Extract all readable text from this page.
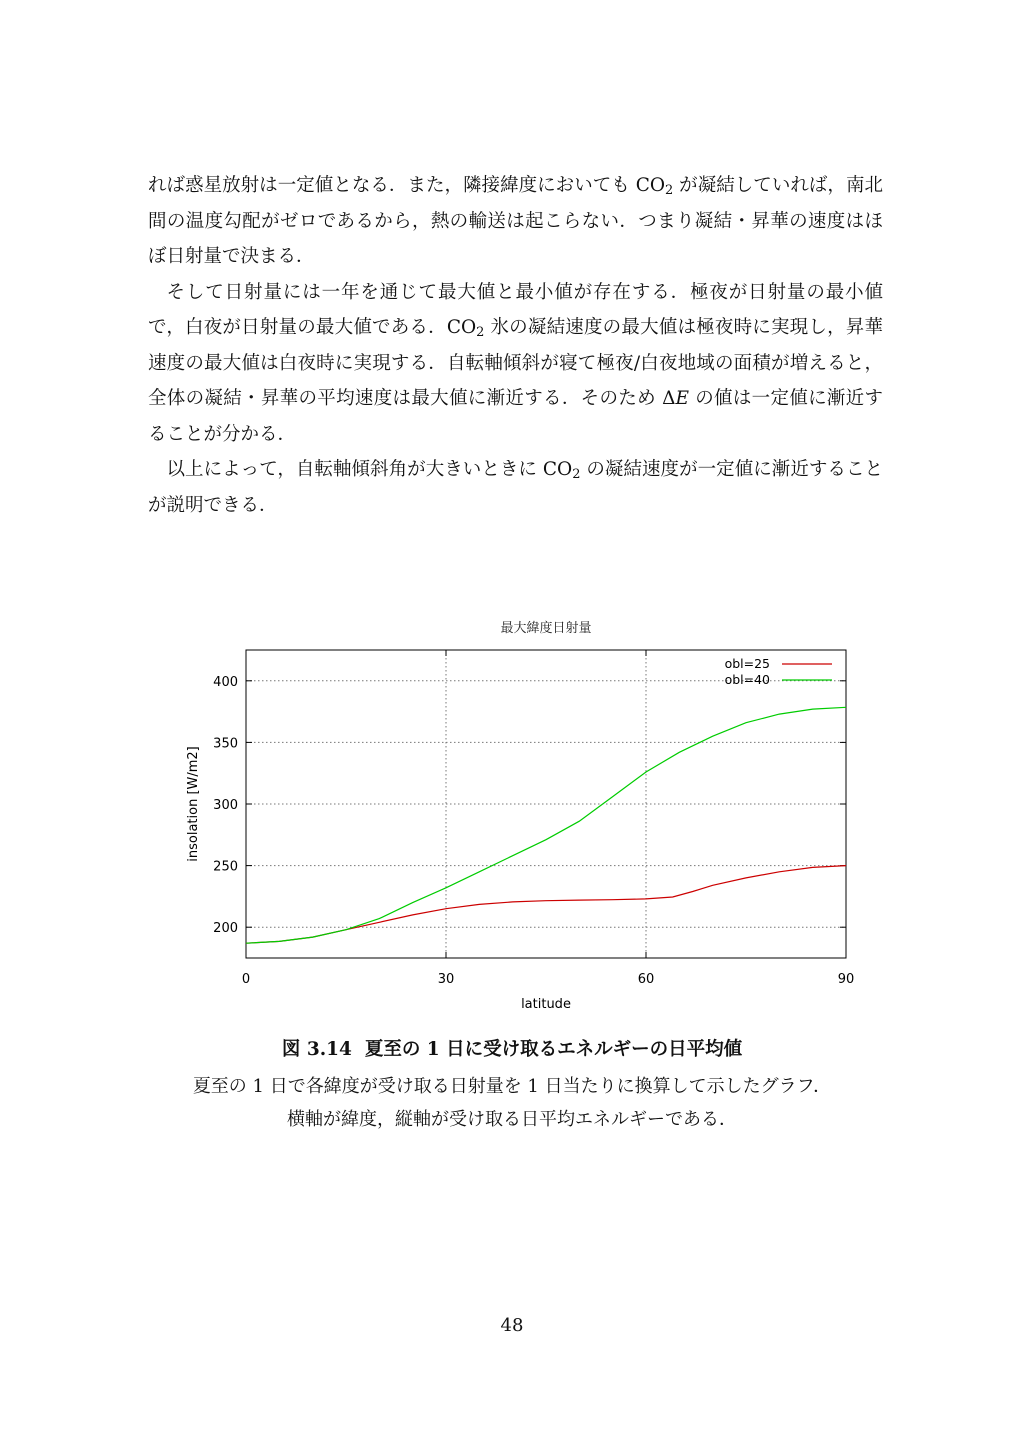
れば惑星放射は一定値となる．また，隣接緯度においても $CO_2$ が凝結していれば，南北間の温度勾配がゼロであるから，熱の輸送は起こらない．つまり凝結・昇華の速度はほぼ日射量で決まる．

そして日射量には一年を通じて最大値と最小値が存在する．極夜が日射量の最小値で，白夜が日射量の最大値である．$CO_2$ 氷の凝結速度の最大値は極夜時に実現し，昇華速度の最大値は白夜時に実現する．自転軸傾斜が寝て極夜/白夜地域の面積が増えると，全体の凝結・昇華の平均速度は最大値に漸近する．そのため ΔE の値は一定値に漸近することが分かる．

以上によって，自転軸傾斜角が大きいときに $CO_2$ の凝結速度が一定値に漸近することが説明できる．

最大緯度日射量
0	30	60	90
200
250
300
350
400
obl=25
obl=40
latitude
insolation [W/m2]
図 3.14 夏至の 1 日に受け取るエネルギーの日平均値
夏至の 1 日で各緯度が受け取る日射量を 1 日当たりに換算して示したグラフ．
横軸が緯度，縦軸が受け取る日平均エネルギーである．
48
